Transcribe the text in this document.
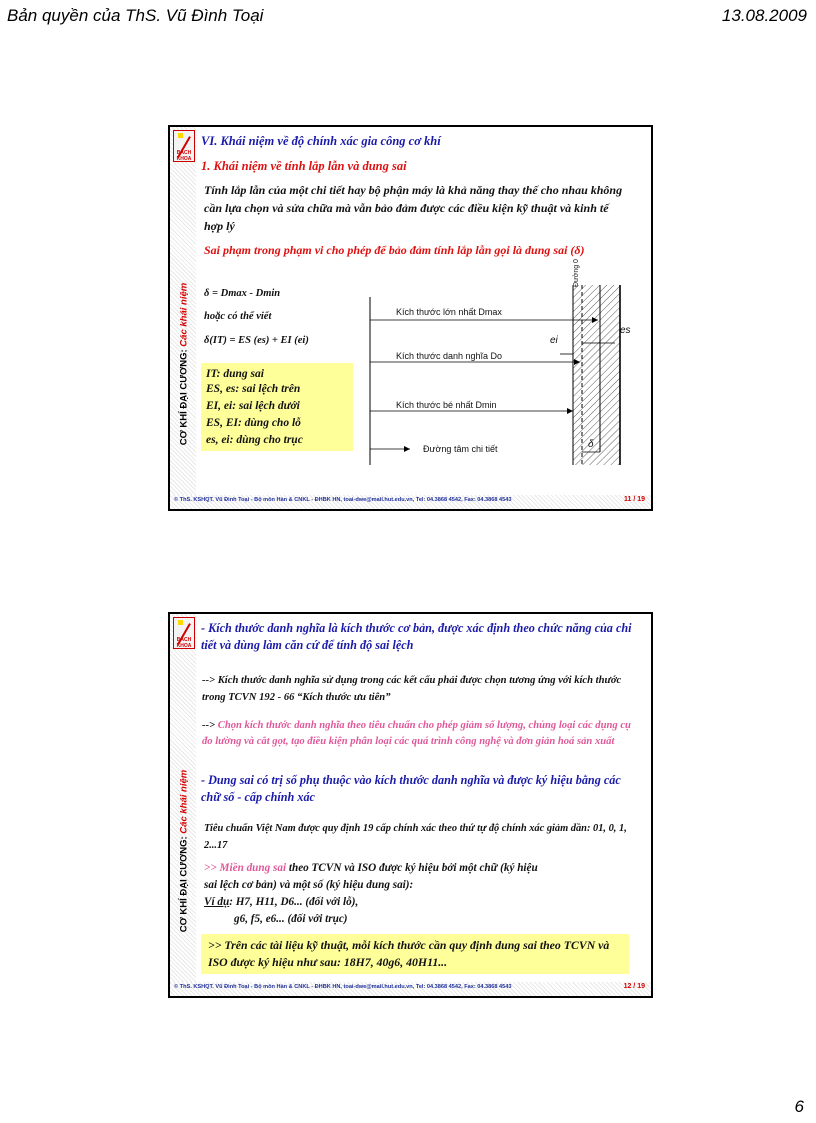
Bản quyền của ThS. Vũ Đình Toại	13.08.2009
BÁCH KHOA
CƠ KHÍ ĐẠI CƯƠNG: Các khái niệm
VI. Khái niệm về độ chính xác gia công cơ khí
1. Khái niệm về tính lắp lẫn và dung sai
Tính lắp lẫn của một chi tiết hay bộ phận máy là khả năng thay thế cho nhau không cần lựa chọn và sửa chữa mà vẫn bảo đảm được các điều kiện kỹ thuật và kinh tế hợp lý
Sai phạm trong phạm vi cho phép để bảo đảm tính lắp lẫn gọi là dung sai (δ)
δ = Dmax - Dmin
hoặc có thể viết
δ(IT) = ES (es) + EI (ei)
IT: dung sai
ES, es: sai lệch trên
EI, ei: sai lệch dưới
ES, EI: dùng cho lỗ
es, ei: dùng cho trục
Kích thước lớn nhất Dmax
Kích thước danh nghĩa Do
Kích thước bé nhất Dmin
Đường tâm chi tiết
Đường 0
es
ei
δ
© ThS. KSHQT. Vũ Đình Toại - Bộ môn Hàn & CNKL - ĐHBK HN, toai-dwe@mail.hut.edu.vn, Tel: 04.3868 4542, Fax: 04.3868 4543	11 / 19
BÁCH KHOA
CƠ KHÍ ĐẠI CƯƠNG: Các khái niệm
- Kích thước danh nghĩa là kích thước cơ bản, được xác định theo chức năng của chi tiết và dùng làm căn cứ để tính độ sai lệch
--> Kích thước danh nghĩa sử dụng trong các kết cấu phải được chọn tương ứng với kích thước trong TCVN 192 - 66 “Kích thước ưu tiên”
--> Chọn kích thước danh nghĩa theo tiêu chuẩn cho phép giảm số lượng, chủng loại các dụng cụ đo lường và cắt gọt, tạo điều kiện phân loại các quá trình công nghệ và đơn giản hoá sản xuất
- Dung sai có trị số phụ thuộc vào kích thước danh nghĩa và được ký hiệu bằng các chữ số - cấp chính xác
Tiêu chuẩn Việt Nam được quy định 19 cấp chính xác theo thứ tự độ chính xác giảm dần: 01, 0, 1, 2...17
>> Miền dung sai theo TCVN và ISO được ký hiệu bởi một chữ (ký hiệu
sai lệch cơ bản) và một số (ký hiệu dung sai):
Ví dụ: H7, H11, D6... (đối với lỗ),
g6, f5, e6... (đối với trục)
>> Trên các tài liệu kỹ thuật, mỗi kích thước cần quy định dung sai theo TCVN và ISO được ký hiệu như sau: 18H7, 40g6, 40H11...
© ThS. KSHQT. Vũ Đình Toại - Bộ môn Hàn & CNKL - ĐHBK HN, toai-dwe@mail.hut.edu.vn, Tel: 04.3868 4542, Fax: 04.3868 4543	12 / 19
6
